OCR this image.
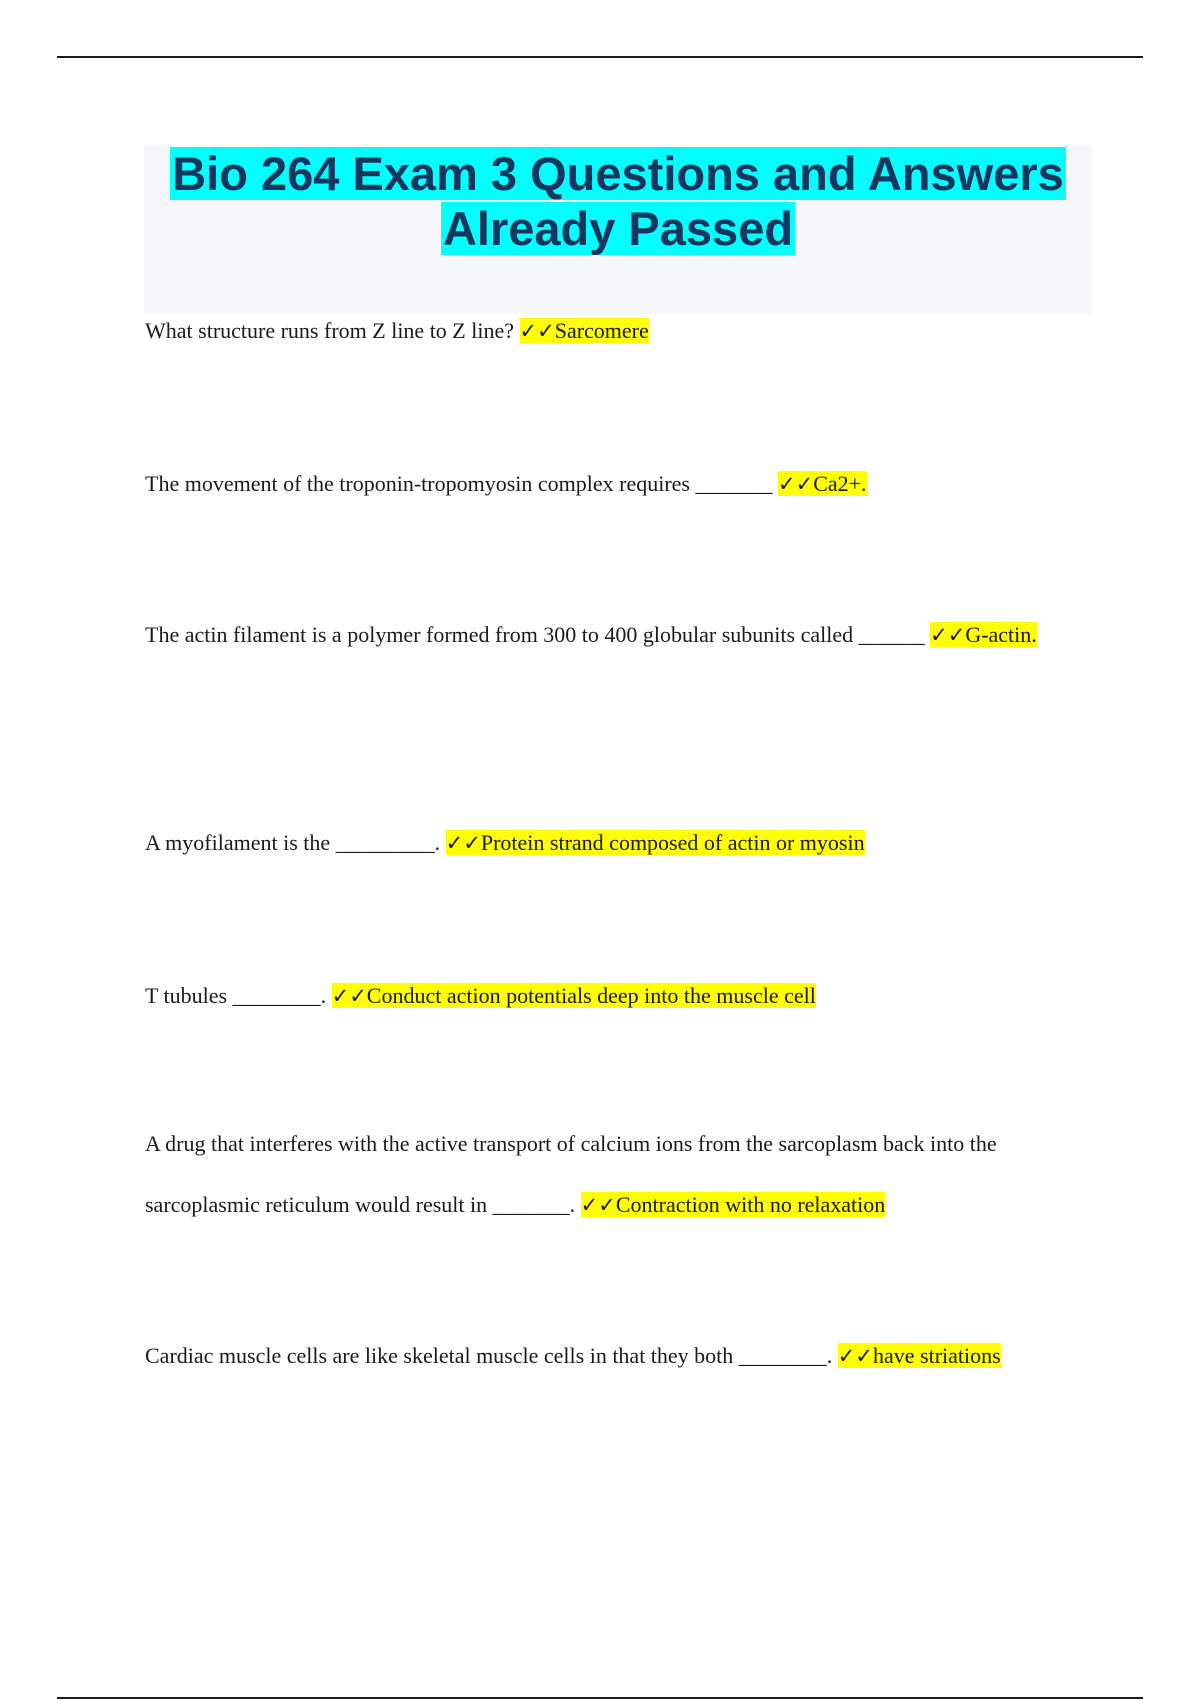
Bio 264 Exam 3 Questions and Answers
Already Passed

What structure runs from Z line to Z line? ✓✓Sarcomere

The movement of the troponin-tropomyosin complex requires _______ ✓✓Ca2+.

The actin filament is a polymer formed from 300 to 400 globular subunits called ______ ✓✓G-actin.

A myofilament is the _________. ✓✓Protein strand composed of actin or myosin

T tubules ________. ✓✓Conduct action potentials deep into the muscle cell

A drug that interferes with the active transport of calcium ions from the sarcoplasm back into the sarcoplasmic reticulum would result in _______. ✓✓Contraction with no relaxation

Cardiac muscle cells are like skeletal muscle cells in that they both ________. ✓✓have striations
